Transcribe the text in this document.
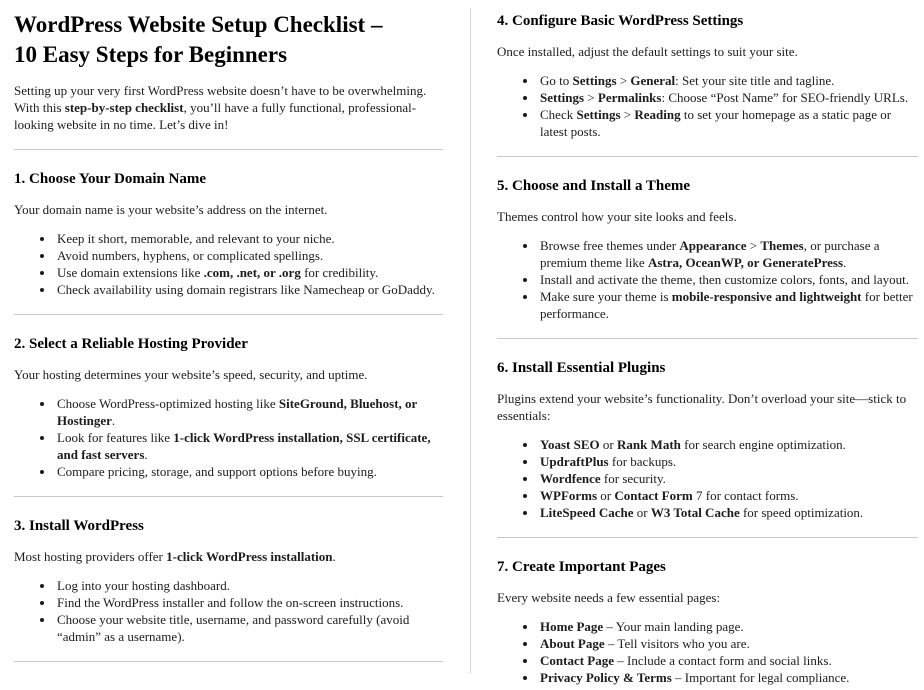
WordPress Website Setup Checklist –
10 Easy Steps for Beginners

Setting up your very first WordPress website doesn’t have to be overwhelming. With this step-by-step checklist, you’ll have a fully functional, professional-looking website in no time. Let’s dive in!

1. Choose Your Domain Name

Your domain name is your website’s address on the internet.

• Keep it short, memorable, and relevant to your niche.
• Avoid numbers, hyphens, or complicated spellings.
• Use domain extensions like .com, .net, or .org for credibility.
• Check availability using domain registrars like Namecheap or GoDaddy.
2. Select a Reliable Hosting Provider

Your hosting determines your website’s speed, security, and uptime.

• Choose WordPress-optimized hosting like SiteGround, Bluehost, or Hostinger.
• Look for features like 1-click WordPress installation, SSL certificate, and fast servers.
• Compare pricing, storage, and support options before buying.
3. Install WordPress

Most hosting providers offer 1-click WordPress installation.

• Log into your hosting dashboard.
• Find the WordPress installer and follow the on-screen instructions.
• Choose your website title, username, and password carefully (avoid “admin” as a username).
4. Configure Basic WordPress Settings

Once installed, adjust the default settings to suit your site.

• Go to Settings > General: Set your site title and tagline.
• Settings > Permalinks: Choose “Post Name” for SEO-friendly URLs.
• Check Settings > Reading to set your homepage as a static page or latest posts.
5. Choose and Install a Theme

Themes control how your site looks and feels.

• Browse free themes under Appearance > Themes, or purchase a premium theme like Astra, OceanWP, or GeneratePress.
• Install and activate the theme, then customize colors, fonts, and layout.
• Make sure your theme is mobile-responsive and lightweight for better performance.
6. Install Essential Plugins

Plugins extend your website’s functionality. Don’t overload your site—stick to essentials:

• Yoast SEO or Rank Math for search engine optimization.
• UpdraftPlus for backups.
• Wordfence for security.
• WPForms or Contact Form 7 for contact forms.
• LiteSpeed Cache or W3 Total Cache for speed optimization.
7. Create Important Pages

Every website needs a few essential pages:

• Home Page – Your main landing page.
• About Page – Tell visitors who you are.
• Contact Page – Include a contact form and social links.
• Privacy Policy & Terms – Important for legal compliance.
